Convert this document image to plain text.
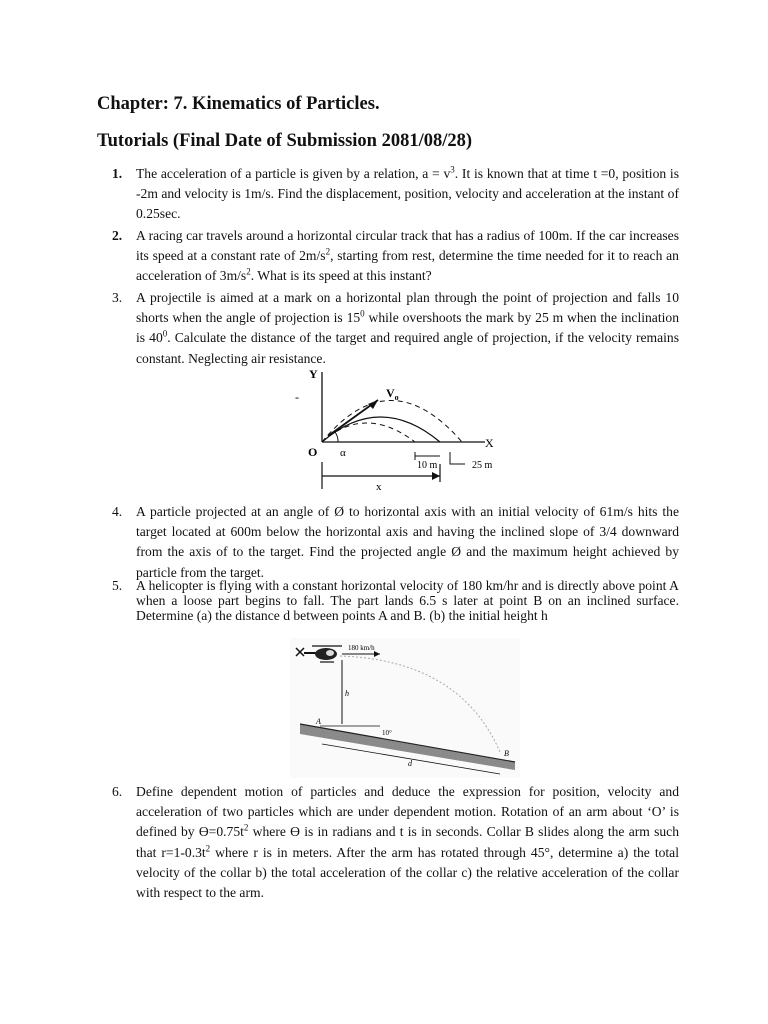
Chapter: 7. Kinematics of Particles.
Tutorials (Final Date of Submission 2081/08/28)
1.	The acceleration of a particle is given by a relation, $a = v^3$. It is known that at time t =0, position is -2m and velocity is 1m/s. Find the displacement, position, velocity and acceleration at the instant of 0.25sec.
2.	A racing car travels around a horizontal circular track that has a radius of 100m. If the car increases its speed at a constant rate of $2m/s^2$, starting from rest, determine the time needed for it to reach an acceleration of $3m/s^2$. What is its speed at this instant?
3.	A projectile is aimed at a mark on a horizontal plan through the point of projection and falls 10 shorts when the angle of projection is $15^0$ while overshoots the mark by 25 m when the inclination is $40^0$. Calculate the distance of the target and required angle of projection, if the velocity remains constant. Neglecting air resistance.
Y
-
X
O
$V_o$
α
10 m	25 m
x
4.	A particle projected at an angle of Ø to horizontal axis with an initial velocity of 61m/s hits the target located at 600m below the horizontal axis and having the inclined slope of 3/4 downward from the axis of to the target. Find the projected angle Ø and the maximum height achieved by particle from the target.
5.	A helicopter is flying with a constant horizontal velocity of 180 km/hr and is directly above point A when a loose part begins to fall. The part lands 6.5 s later at point B on an inclined surface. Determine (a) the distance d between points A and B. (b) the initial height h
180 km/h
h
A
B
10°
d
6.	Define dependent motion of particles and deduce the expression for position, velocity and acceleration of two particles which are under dependent motion. Rotation of an arm about ‘O’ is defined by $ϴ=0.75t^2$ where ϴ is in radians and t is in seconds. Collar B slides along the arm such that $r=1-0.3t^2$ where r is in meters. After the arm has rotated through 45°, determine a) the total velocity of the collar b) the total acceleration of the collar c) the relative acceleration of the collar with respect to the arm.
